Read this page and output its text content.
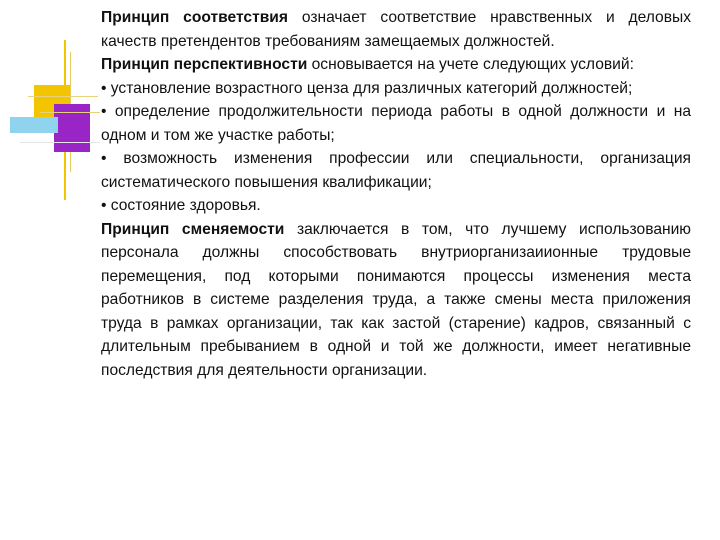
Принцип соответствия означает соответствие нравственных и деловых качеств претендентов требованиям замещаемых должностей.

Принцип перспективности основывается на учете следующих условий:

• установление возрастного ценза для различных категорий должностей;

• определение продолжительности периода работы в одной должности и на одном и том же участке работы;

• возможность изменения профессии или специальности, организация систематического повышения квалификации;

• состояние здоровья.

Принцип сменяемости заключается в том, что лучшему использованию персонала должны способствовать внутриорганизаиионные трудовые перемещения, под которыми понимаются процессы изменения места работников в системе разделения труда, а также смены места приложения труда в рамках организации, так как застой (старение) кадров, связанный с длительным пребыванием в одной и той же должности, имеет негативные последствия для деятельности организации.
